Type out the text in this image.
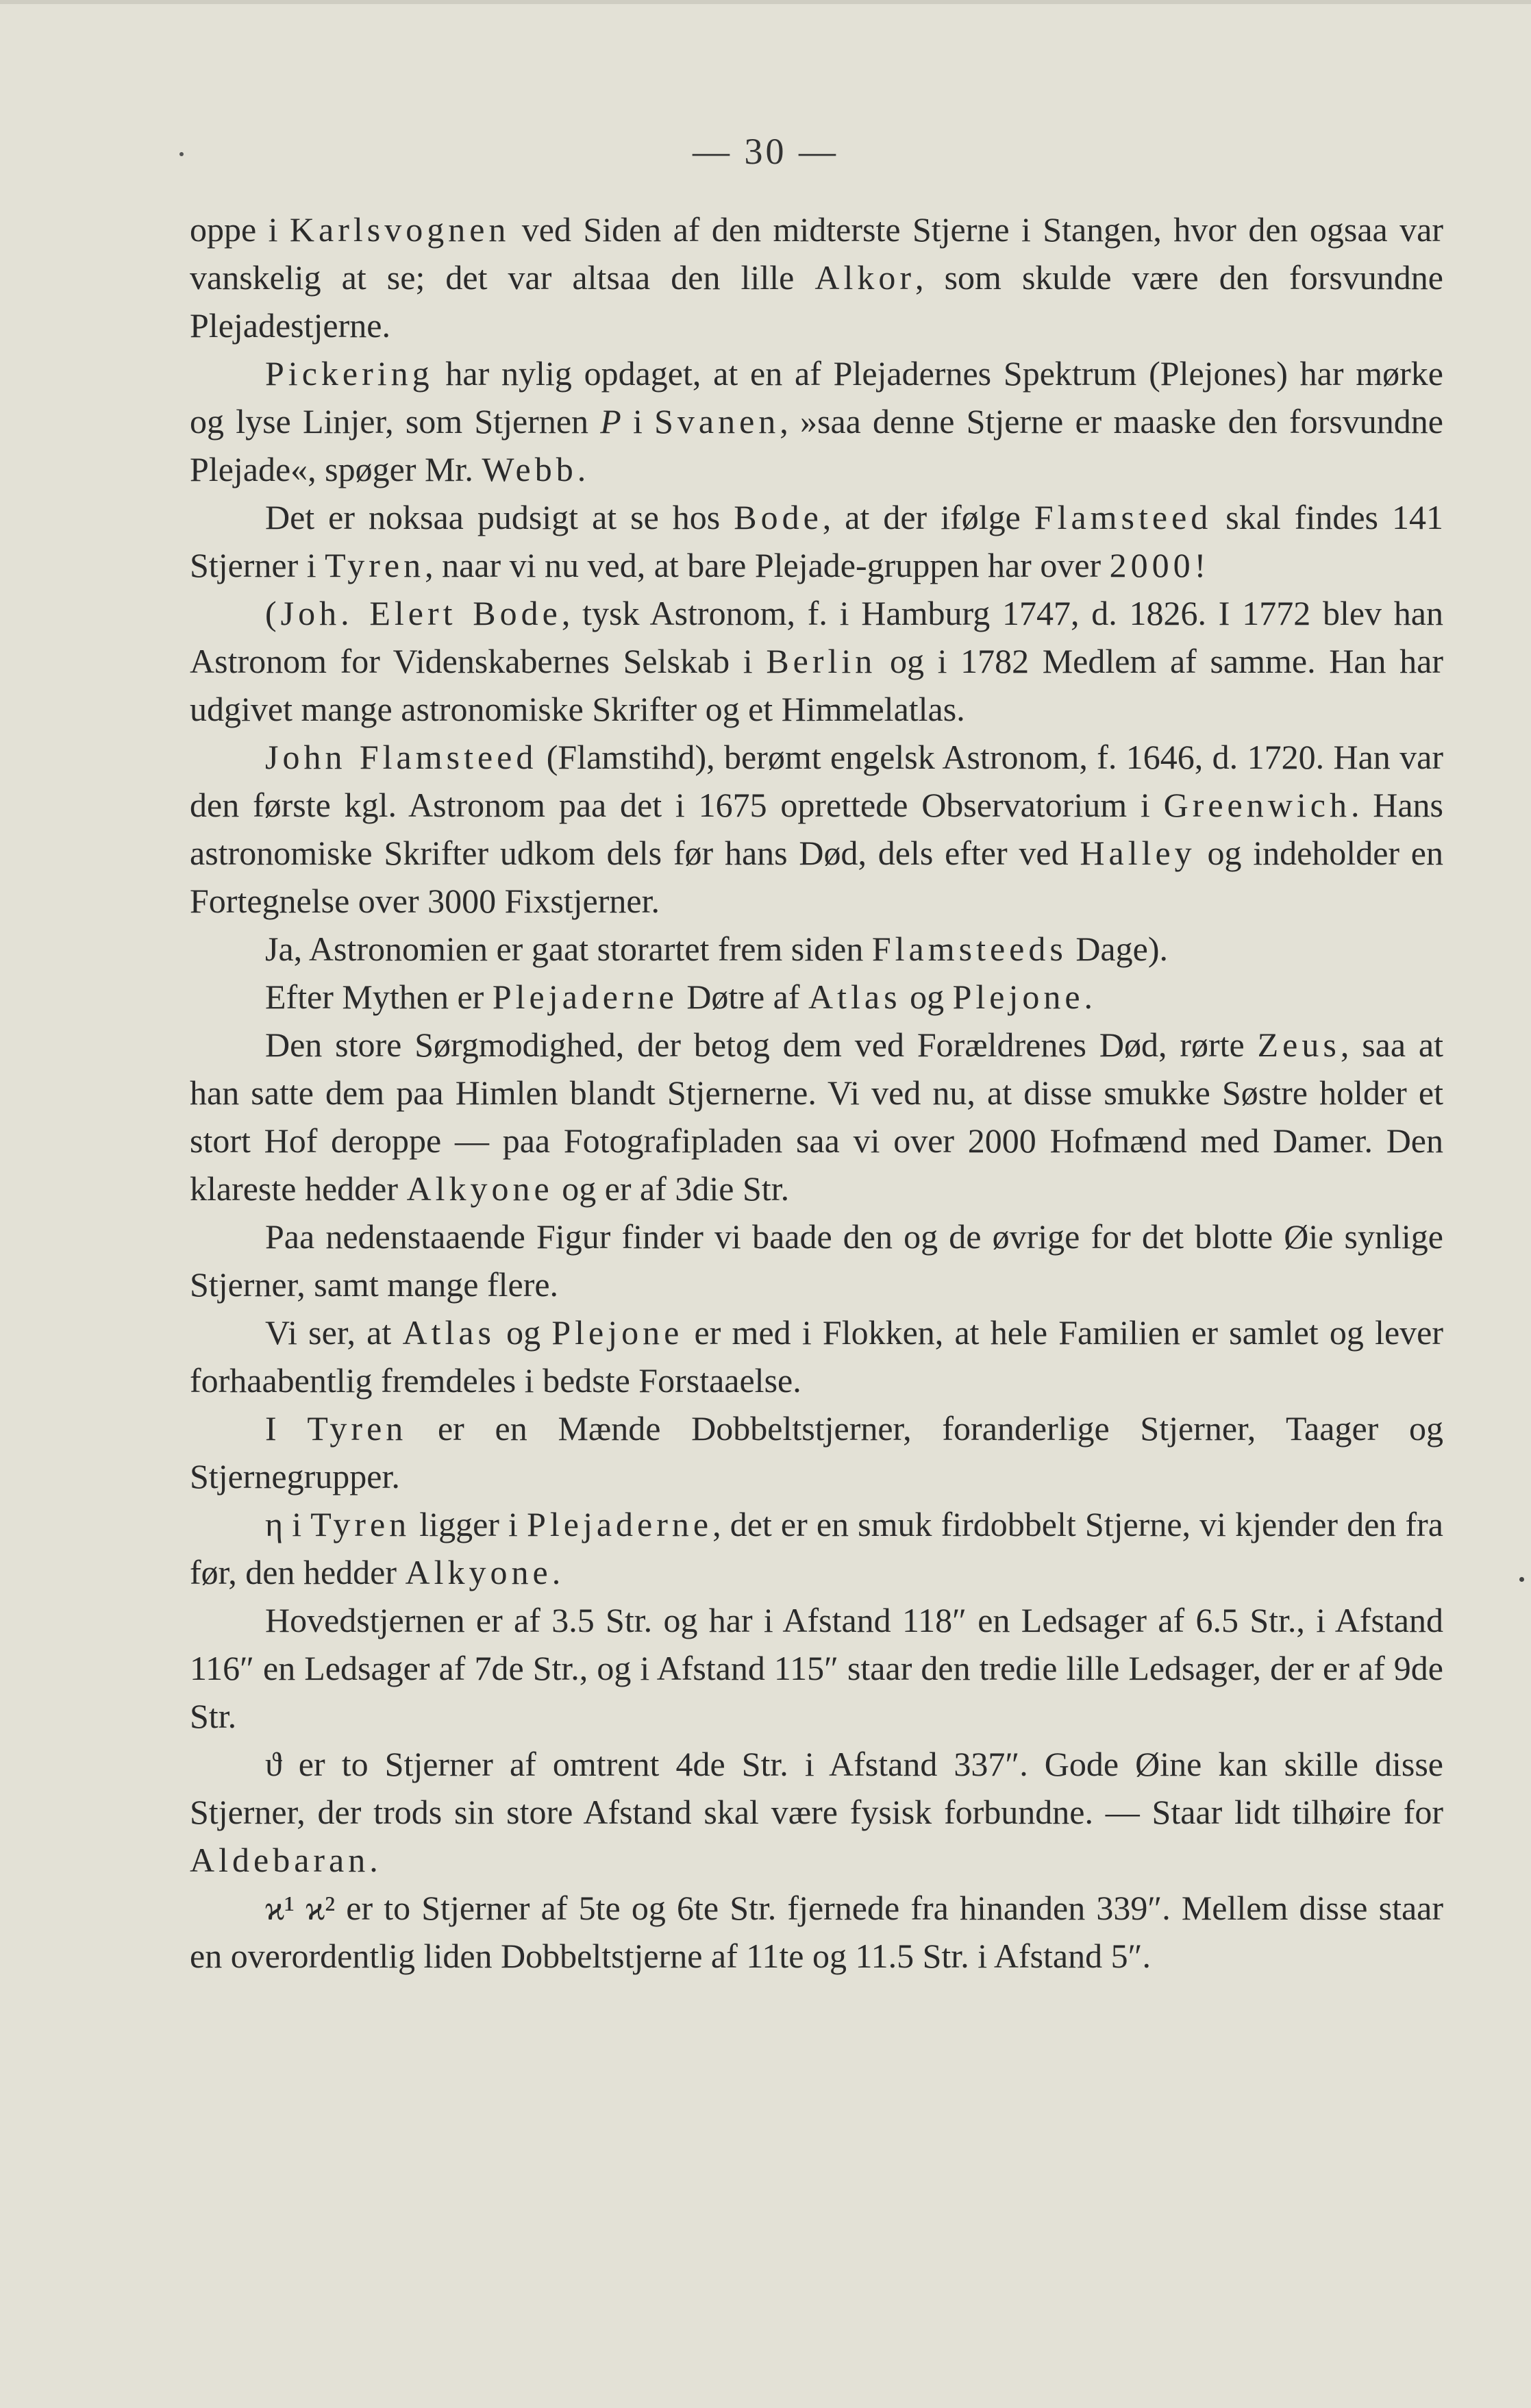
— 30 —

oppe i Karlsvognen ved Siden af den midterste Stjerne i Stangen, hvor den ogsaa var vanskelig at se; det var altsaa den lille Alkor, som skulde være den forsvundne Plejadestjerne.

Pickering har nylig opdaget, at en af Plejadernes Spektrum (Plejones) har mørke og lyse Linjer, som Stjernen P i Svanen, »saa denne Stjerne er maaske den forsvundne Plejade«, spøger Mr. Webb.

Det er noksaa pudsigt at se hos Bode, at der ifølge Flamsteed skal findes 141 Stjerner i Tyren, naar vi nu ved, at bare Plejade-gruppen har over 2000!

(Joh. Elert Bode, tysk Astronom, f. i Hamburg 1747, d. 1826. I 1772 blev han Astronom for Videnskabernes Selskab i Berlin og i 1782 Medlem af samme. Han har udgivet mange astronomiske Skrifter og et Himmelatlas.

John Flamsteed (Flamstihd), berømt engelsk Astronom, f. 1646, d. 1720. Han var den første kgl. Astronom paa det i 1675 oprettede Observatorium i Greenwich. Hans astronomiske Skrifter udkom dels før hans Død, dels efter ved Halley og indeholder en Fortegnelse over 3000 Fixstjerner.

Ja, Astronomien er gaat storartet frem siden Flamsteeds Dage).

Efter Mythen er Plejaderne Døtre af Atlas og Plejone.

Den store Sørgmodighed, der betog dem ved Forældrenes Død, rørte Zeus, saa at han satte dem paa Himlen blandt Stjernerne. Vi ved nu, at disse smukke Søstre holder et stort Hof deroppe — paa Fotografipladen saa vi over 2000 Hofmænd med Damer. Den klareste hedder Alkyone og er af 3die Str.

Paa nedenstaaende Figur finder vi baade den og de øvrige for det blotte Øie synlige Stjerner, samt mange flere.

Vi ser, at Atlas og Plejone er med i Flokken, at hele Familien er samlet og lever forhaabentlig fremdeles i bedste Forstaaelse.

I Tyren er en Mænde Dobbeltstjerner, foranderlige Stjerner, Taager og Stjernegrupper.

η i Tyren ligger i Plejaderne, det er en smuk firdobbelt Stjerne, vi kjender den fra før, den hedder Alkyone.

Hovedstjernen er af 3.5 Str. og har i Afstand 118″ en Ledsager af 6.5 Str., i Afstand 116″ en Ledsager af 7de Str., og i Afstand 115″ staar den tredie lille Ledsager, der er af 9de Str.

ϑ er to Stjerner af omtrent 4de Str. i Afstand 337″. Gode Øine kan skille disse Stjerner, der trods sin store Afstand skal være fysisk forbundne. — Staar lidt tilhøire for Aldebaran.

ϰ¹ ϰ² er to Stjerner af 5te og 6te Str. fjernede fra hinanden 339″. Mellem disse staar en overordentlig liden Dobbeltstjerne af 11te og 11.5 Str. i Afstand 5″.
